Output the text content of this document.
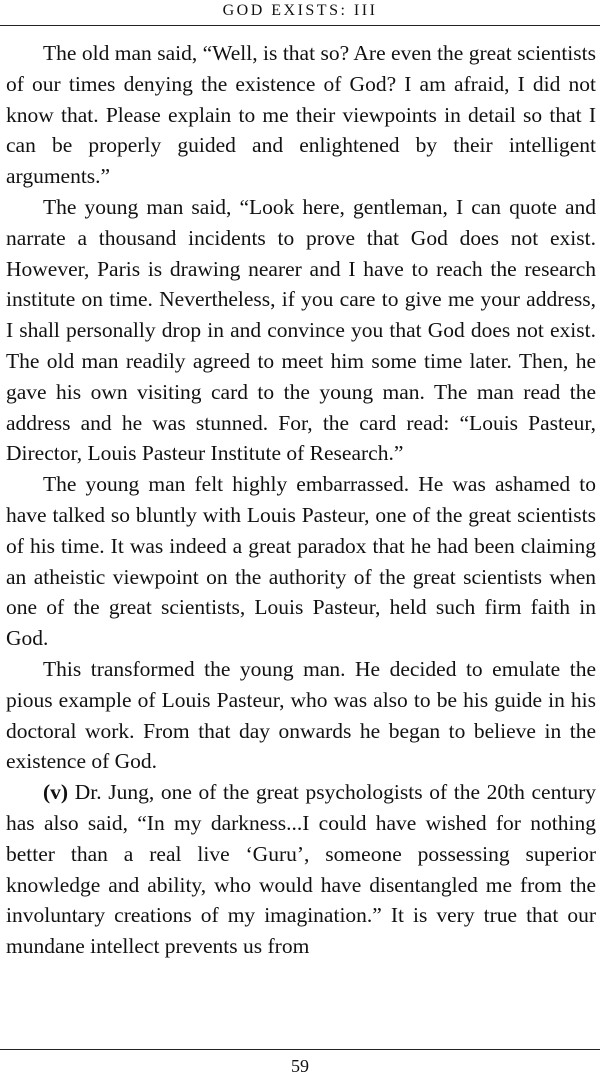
GOD EXISTS: III

The old man said, “Well, is that so? Are even the great scientists of our times denying the existence of God? I am afraid, I did not know that. Please explain to me their viewpoints in detail so that I can be properly guided and enlightened by their intelligent arguments.”

The young man said, “Look here, gentleman, I can quote and narrate a thousand incidents to prove that God does not exist. However, Paris is drawing nearer and I have to reach the research institute on time. Nevertheless, if you care to give me your address, I shall personally drop in and convince you that God does not exist. The old man readily agreed to meet him some time later. Then, he gave his own visiting card to the young man. The man read the address and he was stunned. For, the card read: “Louis Pasteur, Director, Louis Pasteur Institute of Research.”

The young man felt highly embarrassed. He was ashamed to have talked so bluntly with Louis Pasteur, one of the great scientists of his time. It was indeed a great paradox that he had been claiming an atheistic viewpoint on the authority of the great scientists when one of the great scientists, Louis Pasteur, held such firm faith in God.

This transformed the young man. He decided to emulate the pious example of Louis Pasteur, who was also to be his guide in his doctoral work. From that day onwards he began to believe in the existence of God.

(v) Dr. Jung, one of the great psychologists of the 20th century has also said, “In my darkness...I could have wished for nothing better than a real live ‘Guru’, someone possessing superior knowledge and ability, who would have disentangled me from the involuntary creations of my imagination.” It is very true that our mundane intellect prevents us from

59
